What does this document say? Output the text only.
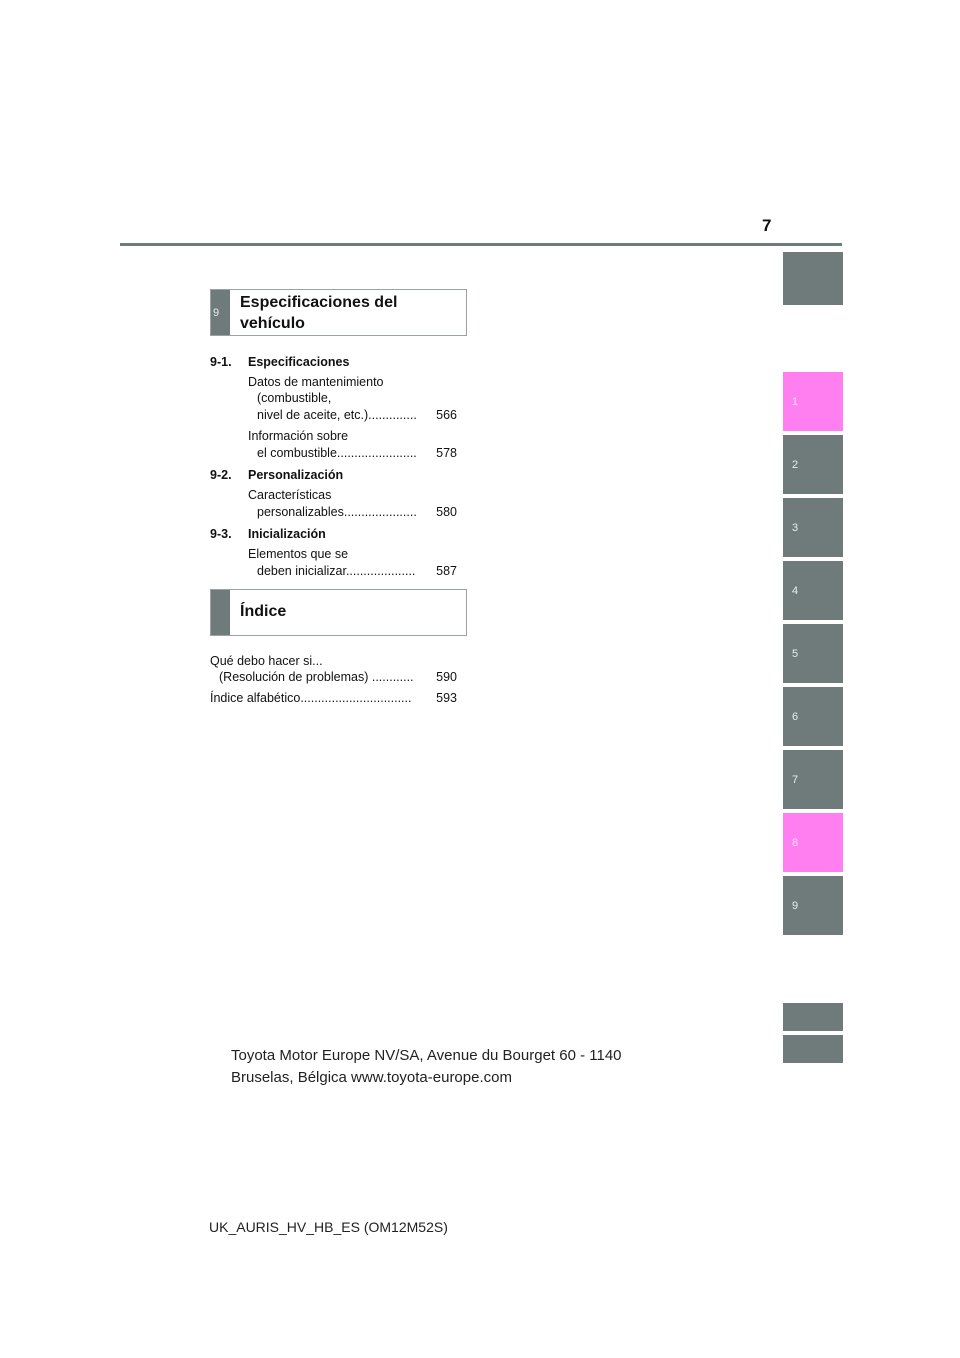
7
1
2
3
4
5
6
7
8
9
9
Especificaciones del
vehículo
9-1. Especificaciones
Datos de mantenimiento
(combustible,
nivel de aceite, etc.)..............	566
Información sobre
el combustible.......................	578
9-2. Personalización
Características
personalizables.....................	580
9-3. Inicialización
Elementos que se
deben inicializar....................	587
Índice
Qué debo hacer si...
(Resolución de problemas) ............	590
Índice alfabético................................	593
Toyota Motor Europe NV/SA, Avenue du Bourget 60 - 1140
Bruselas, Bélgica www.toyota-europe.com
UK_AURIS_HV_HB_ES (OM12M52S)
